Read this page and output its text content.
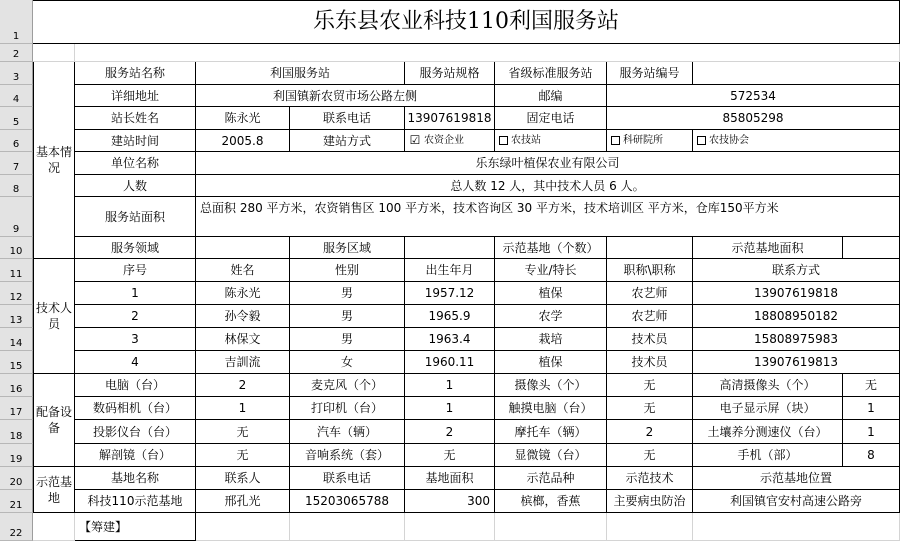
1
2
3
4
5
6
7
8
9
10
11
12
13
14
15
16
17
18
19
20
21
22
乐东县农业科技110利国服务站
基本情况
服务站名称	利国服务站	服务站规格	省级标准服务站	服务站编号
详细地址	利国镇新农贸市场公路左侧	邮编	572534
站长姓名	陈永光	联系电话	13907619818	固定电话	85805298
建站时间	2005.8	建站方式	☑ 农资企业	农技站	科研院所	农技协会
单位名称	乐东绿叶植保农业有限公司
人数	总人数 12 人，其中技术人员 6 人。
服务站面积
总面积 280 平方米，农资销售区 100 平方米，技术咨询区 30 平方米，技术培训区 平方米，仓库150平方米
服务领域	服务区域	示范基地（个数）	示范基地面积
技术人员
序号	姓名	性别	出生年月	专业/特长	职称\职称	联系方式
1	陈永光	男	1957.12	植保	农艺师	13907619818
2	孙令毅	男	1965.9	农学	农艺师	18808950182
3	林保文	男	1963.4	栽培	技术员	15808975983
4	吉訓流	女	1960.11	植保	技术员	13907619813
配备设备
电脑（台）	2	麦克风（个）	1	摄像头（个）	无	高清摄像头（个）	无
数码相机（台）	1	打印机（台）	1	触摸电脑（台）	无	电子显示屏（块）	1
投影仪台（台）	无	汽车（辆）	2	摩托车（辆）	2	土壤养分测速仪（台）	1
解剖镜（台）	无	音响系统（套）	无	显微镜（台）	无	手机（部）	8
示范基地
基地名称	联系人	联系电话	基地面积	示范品种	示范技术	示范基地位置
科技110示范基地	邢孔光	15203065788	300	槟榔，香蕉	主要病虫防治	利国镇官安村高速公路旁
【筹建】
